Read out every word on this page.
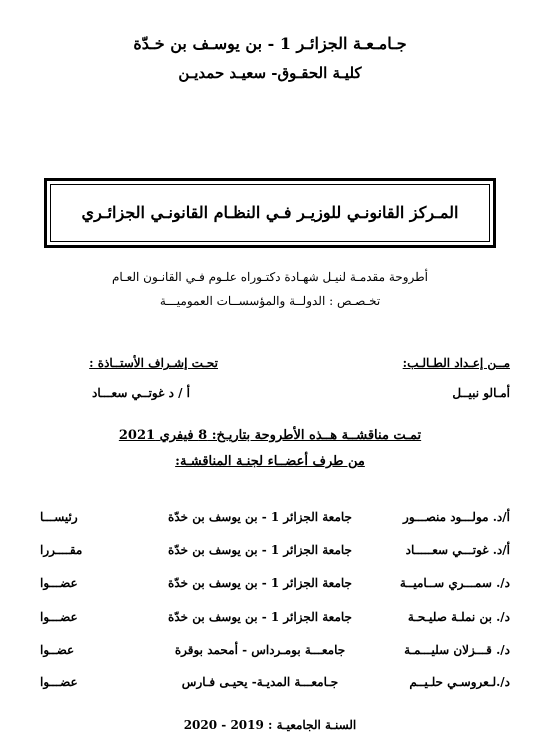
جـامـعـة الجزائـر 1 - بن يوسـف بن خـدّة
كليـة الحقـوق- سعيـد حمديـن
المـركز القانونـي للوزيـر فـي النظـام القانونـي الجزائـري
أطروحة مقدمـة لنيـل شهـادة دكتـوراه علـوم فـي القانـون العـام
تخـصـص : الدولــة والمؤسســات العموميـــة
مــن إعـداد الطـالـب:
أمـالو نبيــل
تحـت إشـراف الأستــاذة :
أ / د غوتــي سعـــاد
تمـت مناقشــة هــذه الأطروحة بتاريـخ: 8 فيفري 2021
من طرف أعضــاء لجنـة المناقشـة:
أ/د. مولـــود منصـــور
جامعة الجزائر 1 - بن يوسف بن خدّة
رئيســـا
أ/د. غوتـــي سعـــــاد
جامعة الجزائر 1 - بن يوسف بن خدّة
مقــــررا
د/. سمـــري ســاميــة
جامعة الجزائر 1 - بن يوسف بن خدّة
عضـــوا
د/. بن نملـة صليـحـة
جامعة الجزائر 1 - بن يوسف بن خدّة
عضـــوا
د/. قـــزلان سليـــمـة
جامعـــة بومـرداس - أمحمد بوقرة
عضــوا
د/.لـعروسـي حلـيــم
جـامعـــة المديـة- يحيـى فـارس
عضـــوا
السنـة الجامعيـة : 2019 - 2020
